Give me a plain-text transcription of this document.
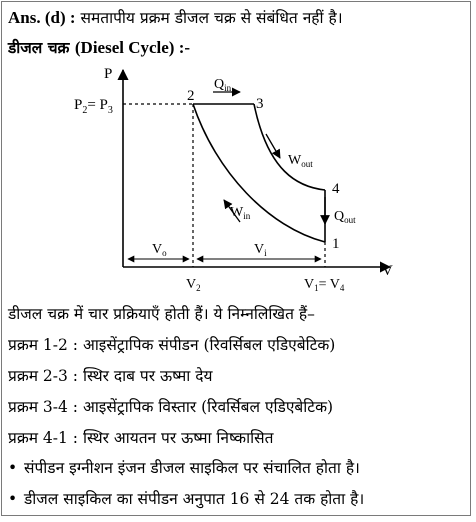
Ans. (d) : समतापीय प्रक्रम डीजल चक्र से संबंधित नहीं है।
डीजल चक्र (Diesel Cycle) :-
P
V
2	3
4
1
$P_2= P_3$
$Q_{in}$
$W_{out}$
$Q_{out}$
$W_{in}$
$V_o$	$V_i$
$V_2$	$V_1= V_4$
डीजल चक्र में चार प्रक्रियाएँ होती हैं। ये निम्नलिखित हैं–
प्रक्रम 1-2 : आइसेंट्रापिक संपीडन (रिवर्सिबल एडिएबेटिक)
प्रक्रम 2-3 : स्थिर दाब पर ऊष्मा देय
प्रक्रम 3-4 : आइसेंट्रापिक विस्तार (रिवर्सिबल एडिएबेटिक)
प्रक्रम 4-1 : स्थिर आयतन पर ऊष्मा निष्कासित
• संपीडन इग्नीशन इंजन डीजल साइकिल पर संचालित होता है।
• डीजल साइकिल का संपीडन अनुपात 16 से 24 तक होता है।
